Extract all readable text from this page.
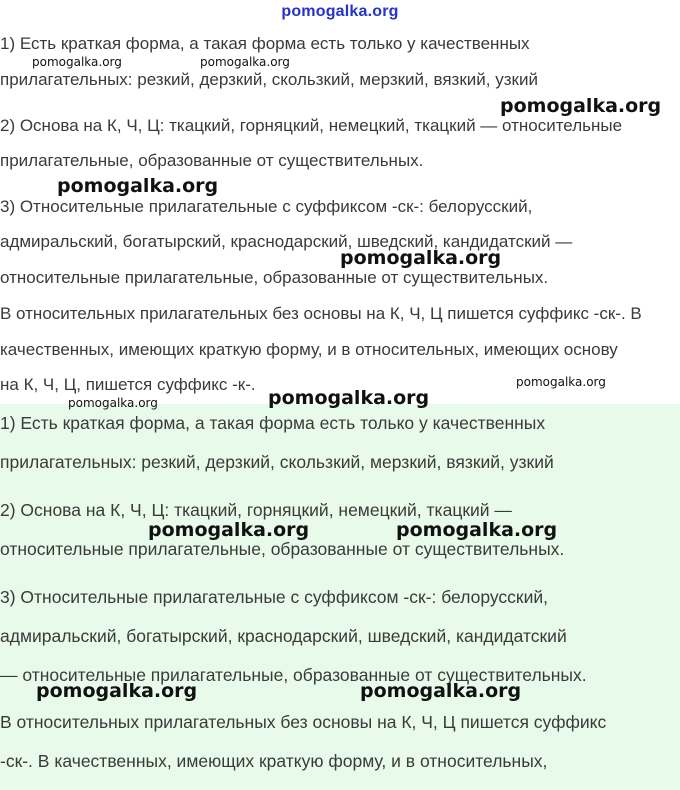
pomogalka.org

1) Есть краткая форма, а такая форма есть только у качественных

прилагательных: резкий, дерзкий, скользкий, мерзкий, вязкий, узкий

2) Основа на К, Ч, Ц: ткацкий, горняцкий, немецкий, ткацкий — относительные

прилагательные, образованные от существительных.

3) Относительные прилагательные с суффиксом -ск-: белорусский,

адмиральский, богатырский, краснодарский, шведский, кандидатский —

относительные прилагательные, образованные от существительных.

В относительных прилагательных без основы на К, Ч, Ц пишется суффикс -ск-. В

качественных, имеющих краткую форму, и в относительных, имеющих основу

на К, Ч, Ц, пишется суффикс -к-.

1) Есть краткая форма, а такая форма есть только у качественных

прилагательных: резкий, дерзкий, скользкий, мерзкий, вязкий, узкий

2) Основа на К, Ч, Ц: ткацкий, горняцкий, немецкий, ткацкий —

относительные прилагательные, образованные от существительных.

3) Относительные прилагательные с суффиксом -ск-: белорусский,

адмиральский, богатырский, краснодарский, шведский, кандидатский

— относительные прилагательные, образованные от существительных.

В относительных прилагательных без основы на К, Ч, Ц пишется суффикс

-ск-. В качественных, имеющих краткую форму, и в относительных,

pomogalka.org	pomogalka.org
pomogalka.org
pomogalka.org
pomogalka.org
pomogalka.org
pomogalka.org	pomogalka.org
pomogalka.org	pomogalka.org
pomogalka.org	pomogalka.org
